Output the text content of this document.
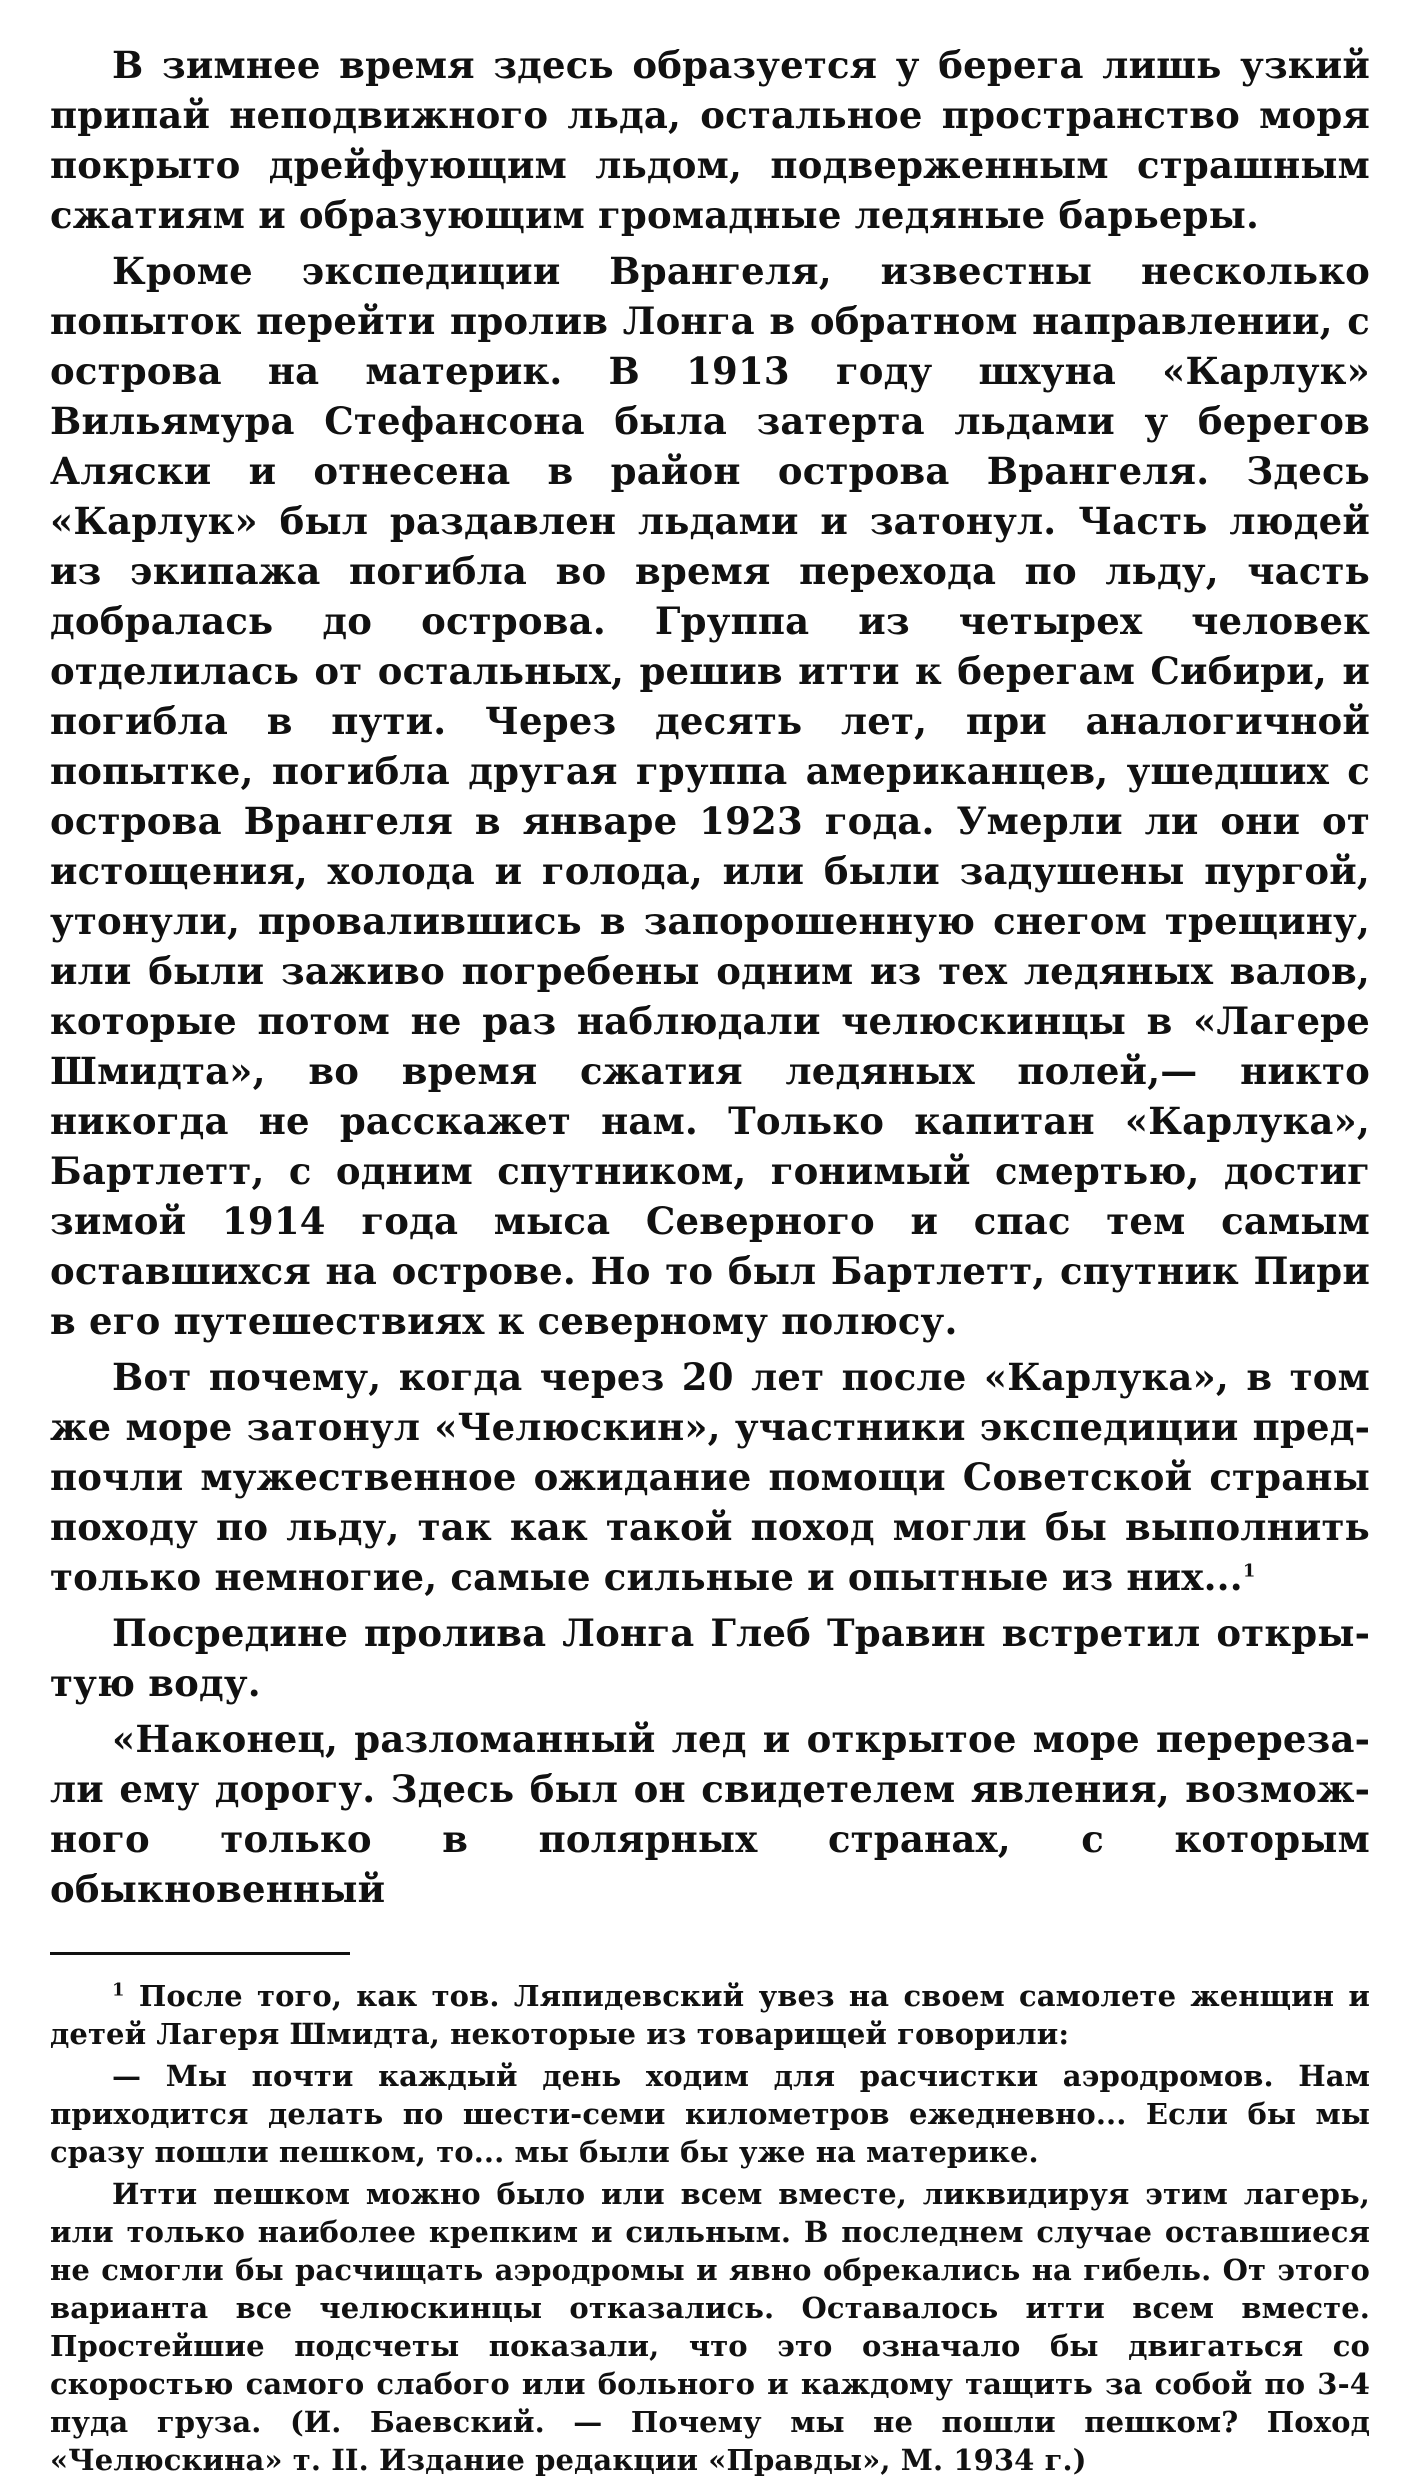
В зимнее время здесь образуется у берега лишь узкий припай неподвижного льда, остальное пространство моря покрыто дрейфующим льдом, подверженным страшным сжатиям и образующим громадные ледяные барьеры.

Кроме экспедиции Врангеля, известны несколько попыток перейти пролив Лонга в обратном направлении, с острова на материк. В 1913 году шхуна «Карлук» Вильямура Стефансона была затерта льдами у берегов Аляски и отнесена в район острова Врангеля. Здесь «Карлук» был раздавлен льдами и затонул. Часть людей из экипажа погибла во время перехода по льду, часть добралась до острова. Группа из четырех человек отделилась от остальных, решив итти к берегам Сибири, и погибла в пути. Через десять лет, при аналогичной попытке, погибла другая группа американцев, ушедших с острова Врангеля в январе 1923 года. Умерли ли они от истощения, холода и голода, или были задушены пургой, утонули, провалившись в запорошенную снегом трещину, или были заживо погребены одним из тех ледяных валов, которые потом не раз наблюдали челюскинцы в «Лагере Шмидта», во время сжатия ледяных полей,— никто никогда не расскажет нам. Только капитан «Карлука», Бартлетт, с одним спутником, гонимый смертью, достиг зимой 1914 года мыса Северного и спас тем самым оставшихся на острове. Но то был Бартлетт, спутник Пири в его путешествиях к северному полюсу.

Вот почему, когда через 20 лет после «Карлука», в том же море затонул «Челюскин», участники экспедиции предпочли мужественное ожидание помощи Советской страны походу по льду, так как такой поход могли бы выполнить только немногие, самые сильные и опытные из них...$^1$

Посредине пролива Лонга Глеб Травин встретил открытую воду.

«Наконец, разломанный лед и открытое море перерезали ему дорогу. Здесь был он свидетелем явления, возможного только в полярных странах, с которым обыкновенный

$^1$ После того, как тов. Ляпидевский увез на своем самолете женщин и детей Лагеря Шмидта, некоторые из товарищей говорили:

— Мы почти каждый день ходим для расчистки аэродромов. Нам приходится делать по шести-семи километров ежедневно... Если бы мы сразу пошли пешком, то... мы были бы уже на материке.

Итти пешком можно было или всем вместе, ликвидируя этим лагерь, или только наиболее крепким и сильным. В последнем случае оставшиеся не смогли бы расчищать аэродромы и явно обрекались на гибель. От этого варианта все челюскинцы отказались. Оставалось итти всем вместе. Простейшие подсчеты показали, что это означало бы двигаться со скоростью самого слабого или больного и каждому тащить за собой по 3-4 пуда груза. (И. Баевский. — Почему мы не пошли пешком? Поход «Челюскина» т. II. Издание редакции «Правды», М. 1934 г.)
